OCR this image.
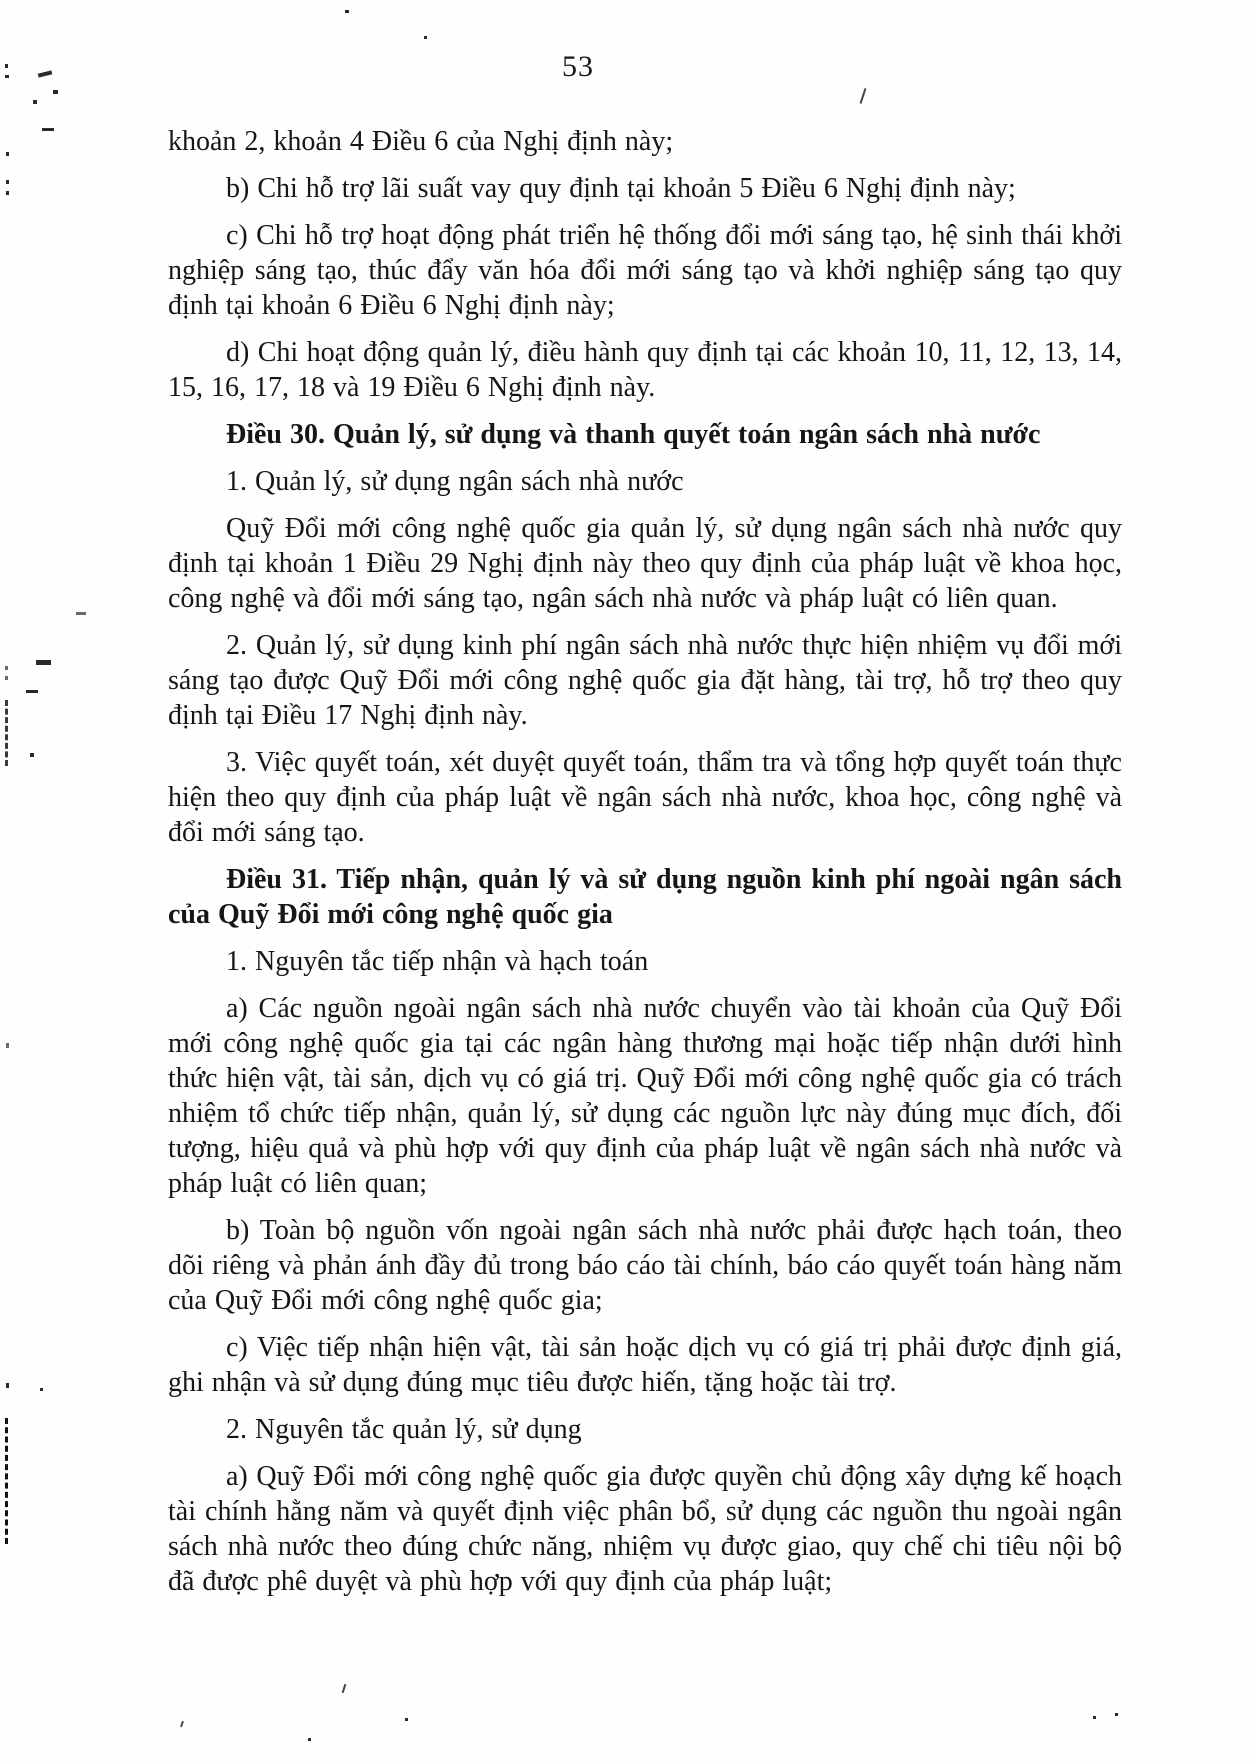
53

khoản 2, khoản 4 Điều 6 của Nghị định này;

b) Chi hỗ trợ lãi suất vay quy định tại khoản 5 Điều 6 Nghị định này;

c) Chi hỗ trợ hoạt động phát triển hệ thống đổi mới sáng tạo, hệ sinh thái khởi nghiệp sáng tạo, thúc đẩy văn hóa đổi mới sáng tạo và khởi nghiệp sáng tạo quy định tại khoản 6 Điều 6 Nghị định này;

d) Chi hoạt động quản lý, điều hành quy định tại các khoản 10, 11, 12, 13, 14, 15, 16, 17, 18 và 19 Điều 6 Nghị định này.

Điều 30. Quản lý, sử dụng và thanh quyết toán ngân sách nhà nước

1. Quản lý, sử dụng ngân sách nhà nước

Quỹ Đổi mới công nghệ quốc gia quản lý, sử dụng ngân sách nhà nước quy định tại khoản 1 Điều 29 Nghị định này theo quy định của pháp luật về khoa học, công nghệ và đổi mới sáng tạo, ngân sách nhà nước và pháp luật có liên quan.

2. Quản lý, sử dụng kinh phí ngân sách nhà nước thực hiện nhiệm vụ đổi mới sáng tạo được Quỹ Đổi mới công nghệ quốc gia đặt hàng, tài trợ, hỗ trợ theo quy định tại Điều 17 Nghị định này.

3. Việc quyết toán, xét duyệt quyết toán, thẩm tra và tổng hợp quyết toán thực hiện theo quy định của pháp luật về ngân sách nhà nước, khoa học, công nghệ và đổi mới sáng tạo.

Điều 31. Tiếp nhận, quản lý và sử dụng nguồn kinh phí ngoài ngân sách của Quỹ Đổi mới công nghệ quốc gia

1. Nguyên tắc tiếp nhận và hạch toán

a) Các nguồn ngoài ngân sách nhà nước chuyển vào tài khoản của Quỹ Đổi mới công nghệ quốc gia tại các ngân hàng thương mại hoặc tiếp nhận dưới hình thức hiện vật, tài sản, dịch vụ có giá trị. Quỹ Đổi mới công nghệ quốc gia có trách nhiệm tổ chức tiếp nhận, quản lý, sử dụng các nguồn lực này đúng mục đích, đối tượng, hiệu quả và phù hợp với quy định của pháp luật về ngân sách nhà nước và pháp luật có liên quan;

b) Toàn bộ nguồn vốn ngoài ngân sách nhà nước phải được hạch toán, theo dõi riêng và phản ánh đầy đủ trong báo cáo tài chính, báo cáo quyết toán hàng năm của Quỹ Đổi mới công nghệ quốc gia;

c) Việc tiếp nhận hiện vật, tài sản hoặc dịch vụ có giá trị phải được định giá, ghi nhận và sử dụng đúng mục tiêu được hiến, tặng hoặc tài trợ.

2. Nguyên tắc quản lý, sử dụng

a) Quỹ Đổi mới công nghệ quốc gia được quyền chủ động xây dựng kế hoạch tài chính hằng năm và quyết định việc phân bổ, sử dụng các nguồn thu ngoài ngân sách nhà nước theo đúng chức năng, nhiệm vụ được giao, quy chế chi tiêu nội bộ đã được phê duyệt và phù hợp với quy định của pháp luật;
